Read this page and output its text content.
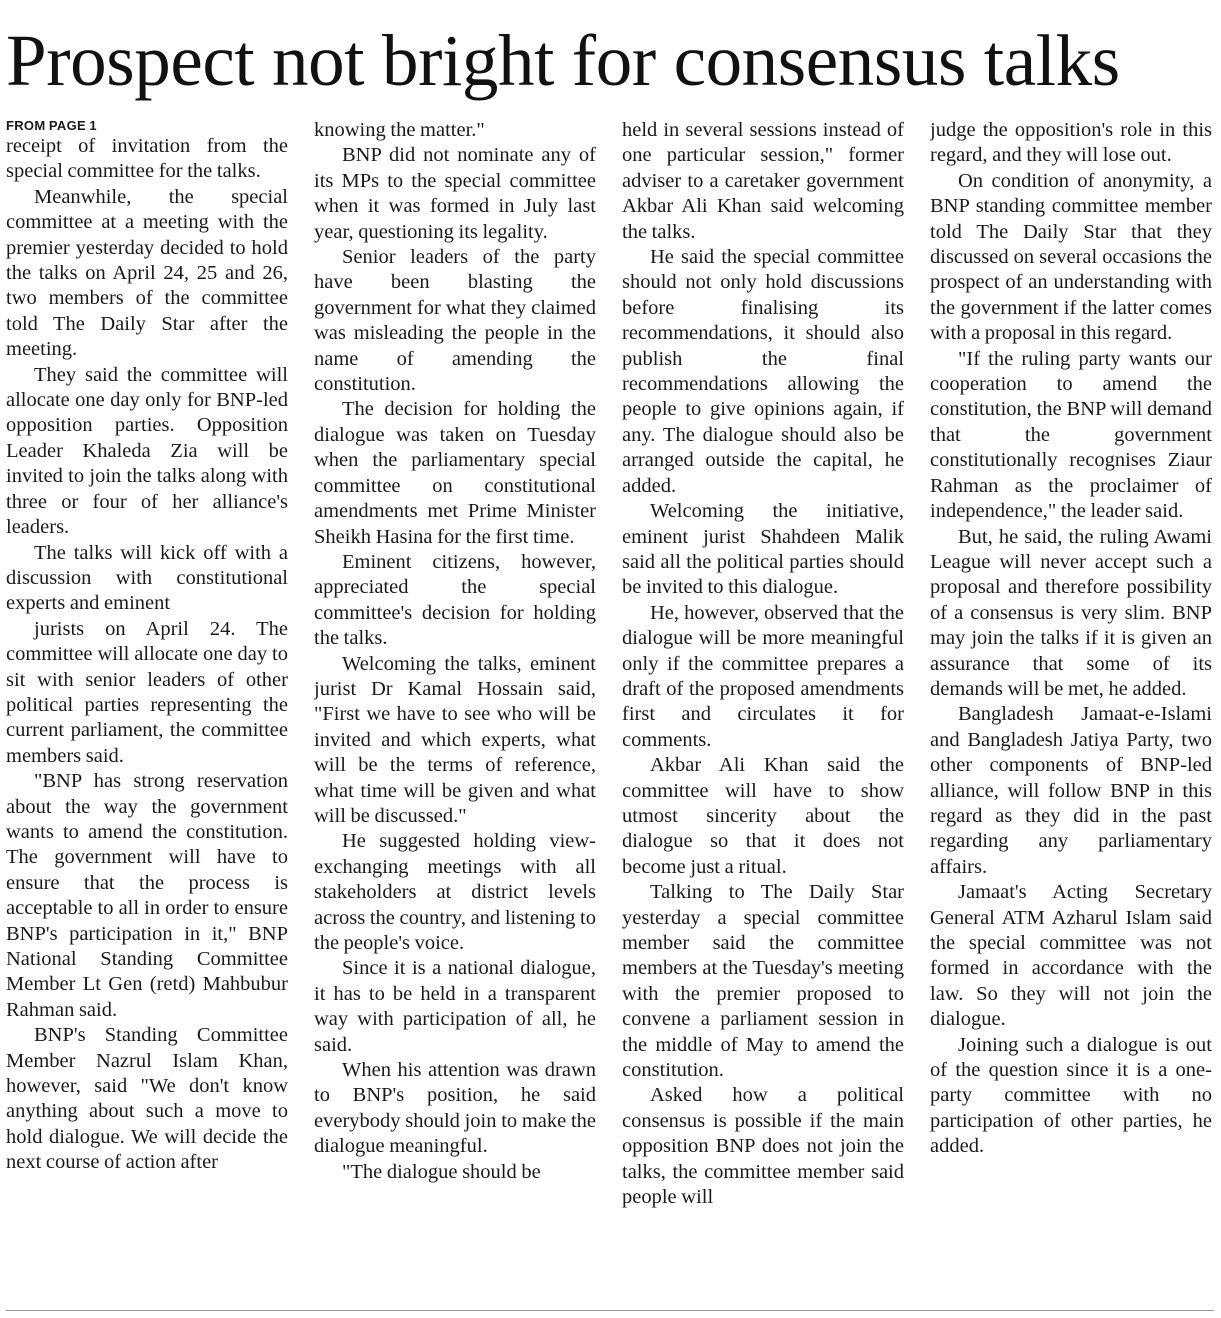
Prospect not bright for consensus talks
FROM PAGE 1

receipt of invitation from the special committee for the talks.

Meanwhile, the special committee at a meeting with the premier yesterday decided to hold the talks on April 24, 25 and 26, two members of the committee told The Daily Star after the meeting.

They said the committee will allocate one day only for BNP-led opposition parties. Opposition Leader Khaleda Zia will be invited to join the talks along with three or four of her alliance's leaders.

The talks will kick off with a discussion with constitutional experts and eminent

jurists on April 24. The committee will allocate one day to sit with senior leaders of other political parties representing the current parliament, the committee members said.

"BNP has strong reservation about the way the government wants to amend the constitution. The government will have to ensure that the process is acceptable to all in order to ensure BNP's participation in it," BNP National Standing Committee Member Lt Gen (retd) Mahbubur Rahman said.

BNP's Standing Committee Member Nazrul Islam Khan, however, said "We don't know anything about such a move to hold dialogue. We will decide the next course of action after

knowing the matter."

BNP did not nominate any of its MPs to the special committee when it was formed in July last year, questioning its legality.

Senior leaders of the party have been blasting the government for what they claimed was misleading the people in the name of amending the constitution.

The decision for holding the dialogue was taken on Tuesday when the parliamentary special committee on constitutional amendments met Prime Minister Sheikh Hasina for the first time.

Eminent citizens, however, appreciated the special committee's decision for holding the talks.

Welcoming the talks, eminent jurist Dr Kamal Hossain said, "First we have to see who will be invited and which experts, what will be the terms of reference, what time will be given and what will be discussed."

He suggested holding view-exchanging meetings with all stakeholders at district levels across the country, and listening to the people's voice.

Since it is a national dialogue, it has to be held in a transparent way with participation of all, he said.

When his attention was drawn to BNP's position, he said everybody should join to make the dialogue meaningful.

"The dialogue should be

held in several sessions instead of one particular session," former adviser to a caretaker government Akbar Ali Khan said welcoming the talks.

He said the special committee should not only hold discussions before finalising its recommendations, it should also publish the final recommendations allowing the people to give opinions again, if any. The dialogue should also be arranged outside the capital, he added.

Welcoming the initiative, eminent jurist Shahdeen Malik said all the political parties should be invited to this dialogue.

He, however, observed that the dialogue will be more meaningful only if the committee prepares a draft of the proposed amendments first and circulates it for comments.

Akbar Ali Khan said the committee will have to show utmost sincerity about the dialogue so that it does not become just a ritual.

Talking to The Daily Star yesterday a special committee member said the committee members at the Tuesday's meeting with the premier proposed to convene a parliament session in the middle of May to amend the constitution.

Asked how a political consensus is possible if the main opposition BNP does not join the talks, the committee member said people will

judge the opposition's role in this regard, and they will lose out.

On condition of anonymity, a BNP standing committee member told The Daily Star that they discussed on several occasions the prospect of an understanding with the government if the latter comes with a proposal in this regard.

"If the ruling party wants our cooperation to amend the constitution, the BNP will demand that the government constitutionally recognises Ziaur Rahman as the proclaimer of independence," the leader said.

But, he said, the ruling Awami League will never accept such a proposal and therefore possibility of a consensus is very slim. BNP may join the talks if it is given an assurance that some of its demands will be met, he added.

Bangladesh Jamaat-e-Islami and Bangladesh Jatiya Party, two other components of BNP-led alliance, will follow BNP in this regard as they did in the past regarding any parliamentary affairs.

Jamaat's Acting Secretary General ATM Azharul Islam said the special committee was not formed in accordance with the law. So they will not join the dialogue.

Joining such a dialogue is out of the question since it is a one-party committee with no participation of other parties, he added.
